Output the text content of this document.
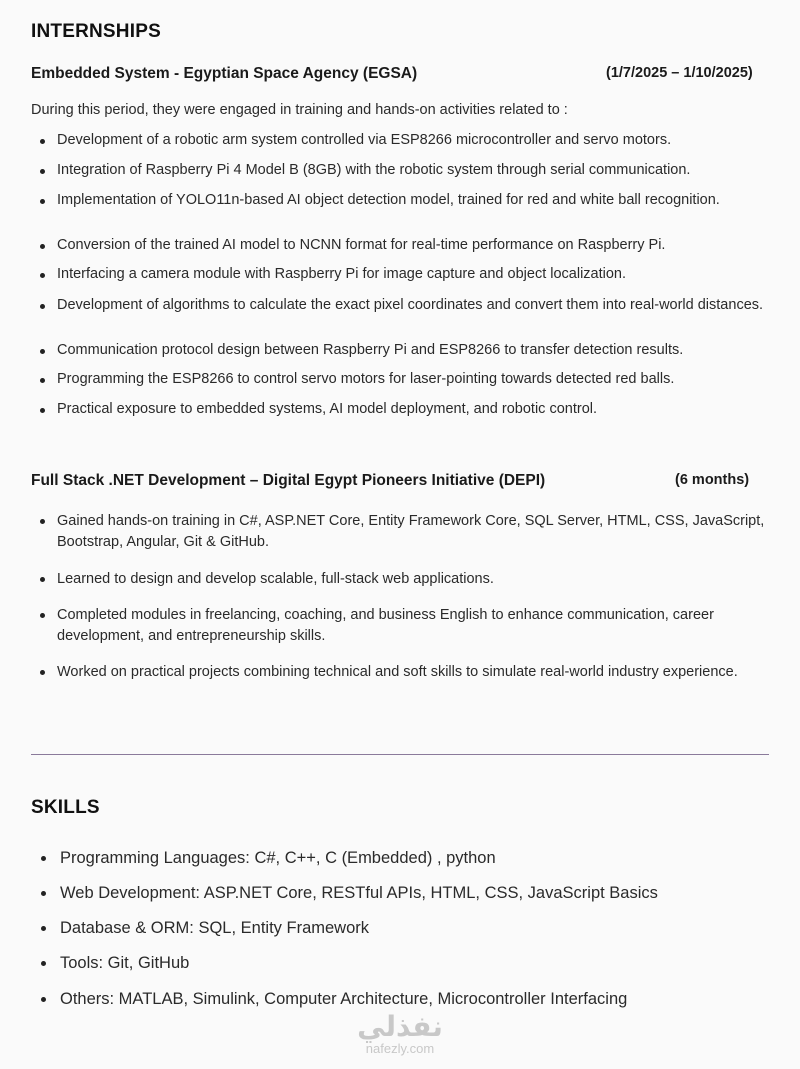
INTERNSHIPS
Embedded System - Egyptian Space Agency (EGSA)	(1/7/2025 – 1/10/2025)
During this period, they were engaged in training and hands-on activities related to :
Development of a robotic arm system controlled via ESP8266 microcontroller and servo motors.
Integration of Raspberry Pi 4 Model B (8GB) with the robotic system through serial communication.
Implementation of YOLO11n-based AI object detection model, trained for red and white ball recognition.
Conversion of the trained AI model to NCNN format for real-time performance on Raspberry Pi.
Interfacing a camera module with Raspberry Pi for image capture and object localization.
Development of algorithms to calculate the exact pixel coordinates and convert them into real-world distances.
Communication protocol design between Raspberry Pi and ESP8266 to transfer detection results.
Programming the ESP8266 to control servo motors for laser-pointing towards detected red balls.
Practical exposure to embedded systems, AI model deployment, and robotic control.
Full Stack .NET Development – Digital Egypt Pioneers Initiative (DEPI)	(6 months)
Gained hands-on training in C#, ASP.NET Core, Entity Framework Core, SQL Server, HTML, CSS, JavaScript, Bootstrap, Angular, Git & GitHub.
Learned to design and develop scalable, full-stack web applications.
Completed modules in freelancing, coaching, and business English to enhance communication, career development, and entrepreneurship skills.
Worked on practical projects combining technical and soft skills to simulate real-world industry experience.
SKILLS
Programming Languages: C#, C++, C (Embedded) , python
Web Development: ASP.NET Core, RESTful APIs, HTML, CSS, JavaScript Basics
Database & ORM: SQL, Entity Framework
Tools: Git, GitHub
Others: MATLAB, Simulink, Computer Architecture, Microcontroller Interfacing
نفذلي
nafezly.com
